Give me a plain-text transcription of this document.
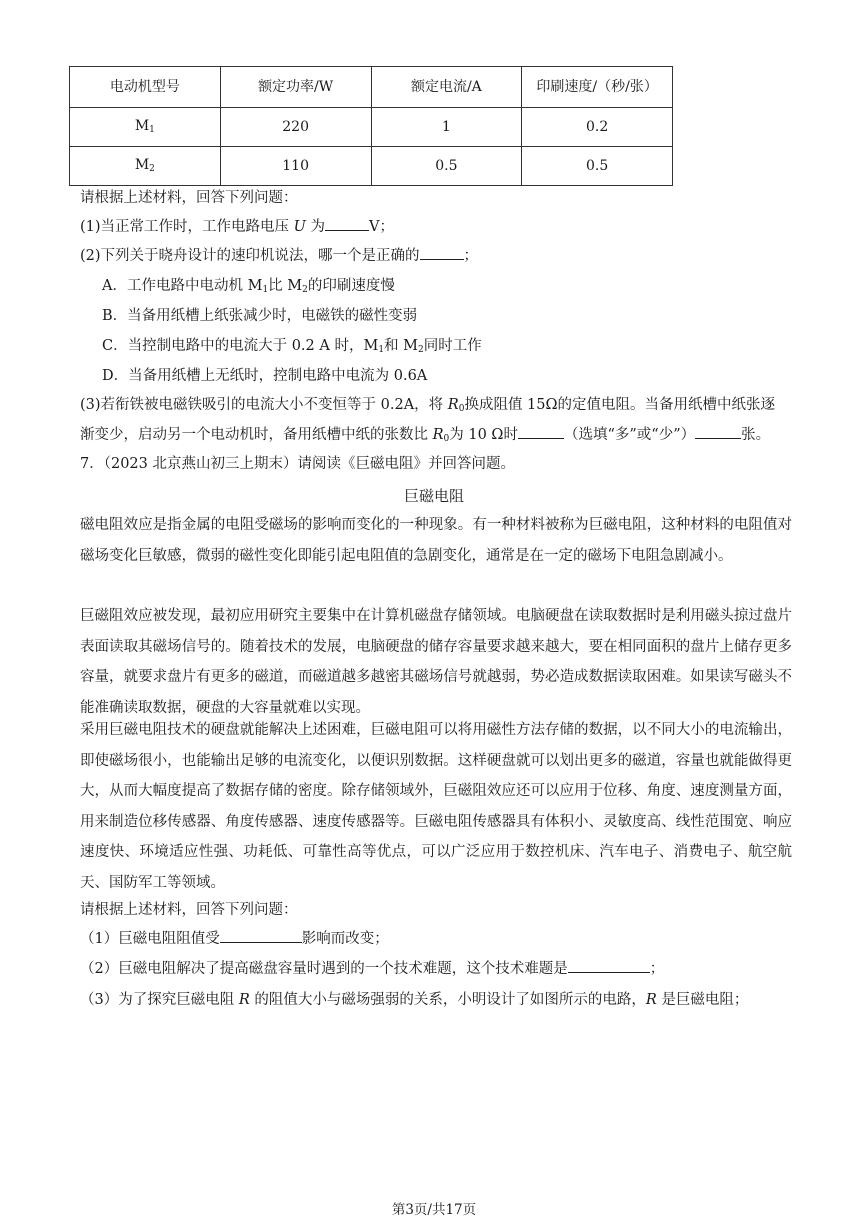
电动机型号	额定功率/W	额定电流/A	印刷速度/（秒/张）
$M_1$	220	1	0.2
$M_2$	110	0.5	0.5
请根据上述材料，回答下列问题：
(1)当正常工作时，工作电路电压 U 为	V；
(2)下列关于晓舟设计的速印机说法，哪一个是正确的	；
A．工作电路中电动机 $M_1$比 $M_2$的印刷速度慢
B．当备用纸槽上纸张减少时，电磁铁的磁性变弱
C．当控制电路中的电流大于 0.2 A 时，$M_1$和 $M_2$同时工作
D．当备用纸槽上无纸时，控制电路中电流为 0.6A
(3)若衔铁被电磁铁吸引的电流大小不变恒等于 0.2A，将 $R_0$换成阻值 15Ω的定值电阻。当备用纸槽中纸张逐
渐变少，启动另一个电动机时，备用纸槽中纸的张数比 $R_0$为 10 Ω时	（选填“多”或“少”）	张。
7．（2023 北京燕山初三上期末）请阅读《巨磁电阻》并回答问题。
巨磁电阻
磁电阻效应是指金属的电阻受磁场的影响而变化的一种现象。有一种材料被称为巨磁电阻，这种材料的电阻值对磁场变化巨敏感，微弱的磁性变化即能引起电阻值的急剧变化，通常是在一定的磁场下电阻急剧减小。
巨磁阻效应被发现，最初应用研究主要集中在计算机磁盘存储领域。电脑硬盘在读取数据时是利用磁头掠过盘片表面读取其磁场信号的。随着技术的发展，电脑硬盘的储存容量要求越来越大，要在相同面积的盘片上储存更多容量，就要求盘片有更多的磁道，而磁道越多越密其磁场信号就越弱，势必造成数据读取困难。如果读写磁头不能准确读取数据，硬盘的大容量就难以实现。
采用巨磁电阻技术的硬盘就能解决上述困难，巨磁电阻可以将用磁性方法存储的数据，以不同大小的电流输出，即使磁场很小，也能输出足够的电流变化，以便识别数据。这样硬盘就可以划出更多的磁道，容量也就能做得更大，从而大幅度提高了数据存储的密度。除存储领域外，巨磁阻效应还可以应用于位移、角度、速度测量方面，用来制造位移传感器、角度传感器、速度传感器等。巨磁电阻传感器具有体积小、灵敏度高、线性范围宽、响应速度快、环境适应性强、功耗低、可靠性高等优点，可以广泛应用于数控机床、汽车电子、消费电子、航空航天、国防军工等领域。
请根据上述材料，回答下列问题：
（1）巨磁电阻阻值受	影响而改变；
（2）巨磁电阻解决了提高磁盘容量时遇到的一个技术难题，这个技术难题是	；
（3）为了探究巨磁电阻 R 的阻值大小与磁场强弱的关系，小明设计了如图所示的电路，R 是巨磁电阻；
第3页/共17页
